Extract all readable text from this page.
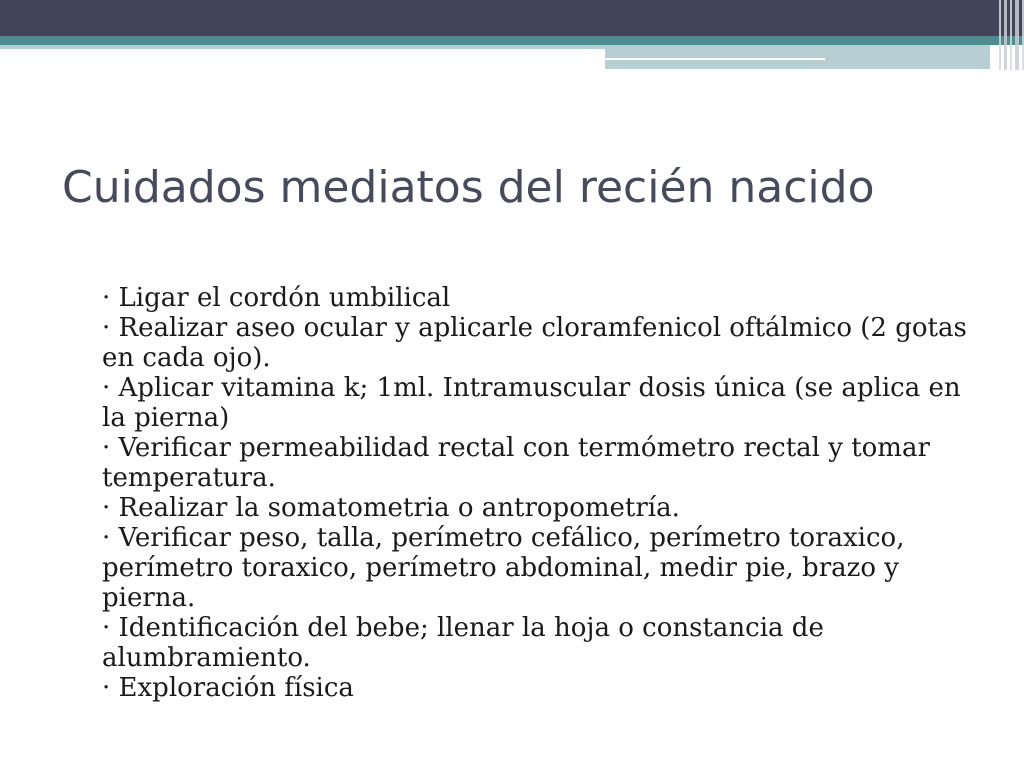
Cuidados mediatos del recién nacido

· Ligar el cordón umbilical

· Realizar aseo ocular y aplicarle cloramfenicol oftálmico (2 gotas en cada ojo).

· Aplicar vitamina k; 1ml. Intramuscular dosis única (se aplica en la pierna)

· Verificar permeabilidad rectal con termómetro rectal y tomar temperatura.

· Realizar la somatometria o antropometría.

· Verificar peso, talla, perímetro cefálico, perímetro toraxico, perímetro toraxico, perímetro abdominal, medir pie, brazo y pierna.

· Identificación del bebe; llenar la hoja o constancia de alumbramiento.

· Exploración física
